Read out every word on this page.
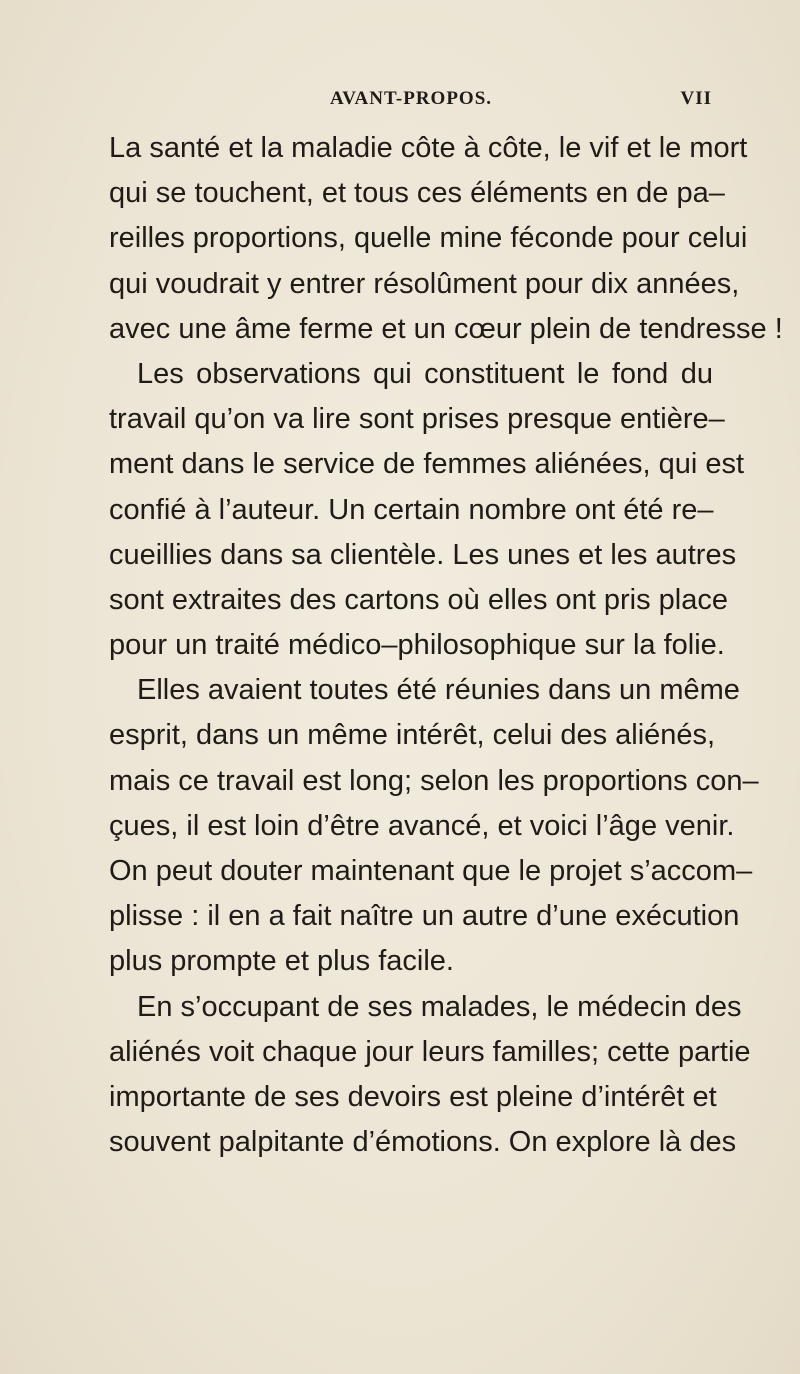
AVANT-PROPOS.	VII
La santé et la maladie côte à côte, le vif et le mort
qui se touchent, et tous ces éléments en de pa–
reilles proportions, quelle mine féconde pour celui
qui voudrait y entrer résolûment pour dix années,
avec une âme ferme et un cœur plein de tendresse !
Les observations qui constituent le fond du
travail qu’on va lire sont prises presque entière–
ment dans le service de femmes aliénées, qui est
confié à l’auteur. Un certain nombre ont été re–
cueillies dans sa clientèle. Les unes et les autres
sont extraites des cartons où elles ont pris place
pour un traité médico–philosophique sur la folie.
Elles avaient toutes été réunies dans un même
esprit, dans un même intérêt, celui des aliénés,
mais ce travail est long; selon les proportions con–
çues, il est loin d’être avancé, et voici l’âge venir.
On peut douter maintenant que le projet s’accom–
plisse : il en a fait naître un autre d’une exécution
plus prompte et plus facile.
En s’occupant de ses malades, le médecin des
aliénés voit chaque jour leurs familles; cette partie
importante de ses devoirs est pleine d’intérêt et
souvent palpitante d’émotions. On explore là des
